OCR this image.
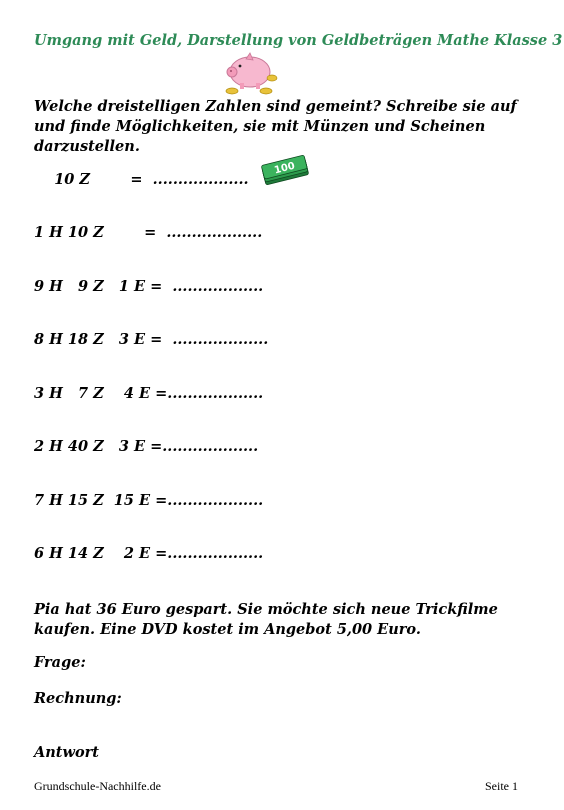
Umgang mit Geld, Darstellung von Geldbeträgen Mathe Klasse 3
Welche dreistelligen Zahlen sind gemeint? Schreibe sie auf und finde Möglichkeiten, sie mit Münzen und Scheinen darzustellen.
10 Z        =  ...................
100
1 H 10 Z        =  ...................
9 H   9 Z   1 E =  ..................
8 H 18 Z   3 E =  ...................
3 H   7 Z    4 E =...................
2 H 40 Z   3 E =...................
7 H 15 Z  15 E =...................
6 H 14 Z    2 E =...................
Pia hat 36 Euro gespart. Sie möchte sich neue Trickfilme kaufen. Eine DVD kostet im Angebot 5,00 Euro.
Frage:
Rechnung:
Antwort
Grundschule-Nachhilfe.de	Seite 1
